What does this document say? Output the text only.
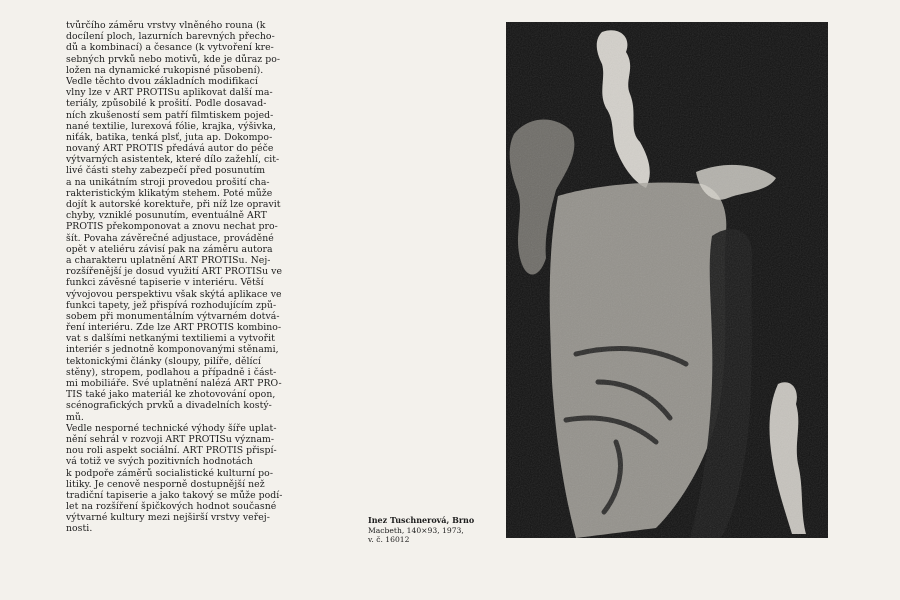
tvůrčího záměru vrstvy vlněného rouna (k
docílení ploch, lazurních barevných přecho-
dů a kombinací) a česance (k vytvoření kre-
sebných prvků nebo motivů, kde je důraz po-
ložen na dynamické rukopisné působení).
Vedle těchto dvou základních modifikací
vlny lze v ART PROTISu aplikovat další ma-
teriály, způsobilé k prošití. Podle dosavad-
ních zkušeností sem patří filmtiskem pojed-
nané textilie, lurexová fólie, krajka, výšivka,
niťák, batika, tenká plsť, juta ap. Dokompo-
novaný ART PROTIS předává autor do péče
výtvarných asistentek, které dílo zažehlí, cit-
livé části stehy zabezpečí před posunutím
a na unikátním stroji provedou prošití cha-
rakteristickým klikatým stehem. Poté může
dojít k autorské korektuře, při níž lze opravit
chyby, vzniklé posunutím, eventuálně ART
PROTIS překomponovat a znovu nechat pro-
šít. Povaha závěrečné adjustace, prováděné
opět v ateliéru závisí pak na záměru autora
a charakteru uplatnění ART PROTISu. Nej-
rozšířenější je dosud využití ART PROTISu ve
funkci závěsné tapiserie v interiéru. Větší
vývojovou perspektivu však skýtá aplikace ve
funkci tapety, jež přispívá rozhodujícím způ-
sobem při monumentálním výtvarném dotvá-
ření interiéru. Zde lze ART PROTIS kombino-
vat s dalšími netkanými textiliemi a vytvořit
interiér s jednotně komponovanými stěnami,
tektonickými články (sloupy, pilíře, dělící
stěny), stropem, podlahou a případně i část-
mi mobiliáře. Své uplatnění nalézá ART PRO-
TIS také jako materiál ke zhotovování opon,
scénografických prvků a divadelních kostý-
mů.
Vedle nesporné technické výhody šíře uplat-
nění sehrál v rozvoji ART PROTISu význam-
nou roli aspekt sociální. ART PROTIS přispí-
vá totiž ve svých pozitivních hodnotách
k podpoře záměrů socialistické kulturní po-
litiky. Je cenově nesporně dostupnější než
tradiční tapiserie a jako takový se může podí-
let na rozšíření špičkových hodnot současné
výtvarné kultury mezi nejširší vrstvy veřej-
nosti.
Inez Tuschnerová, Brno
Macbeth, 140×93, 1973,
v. č. 16012
